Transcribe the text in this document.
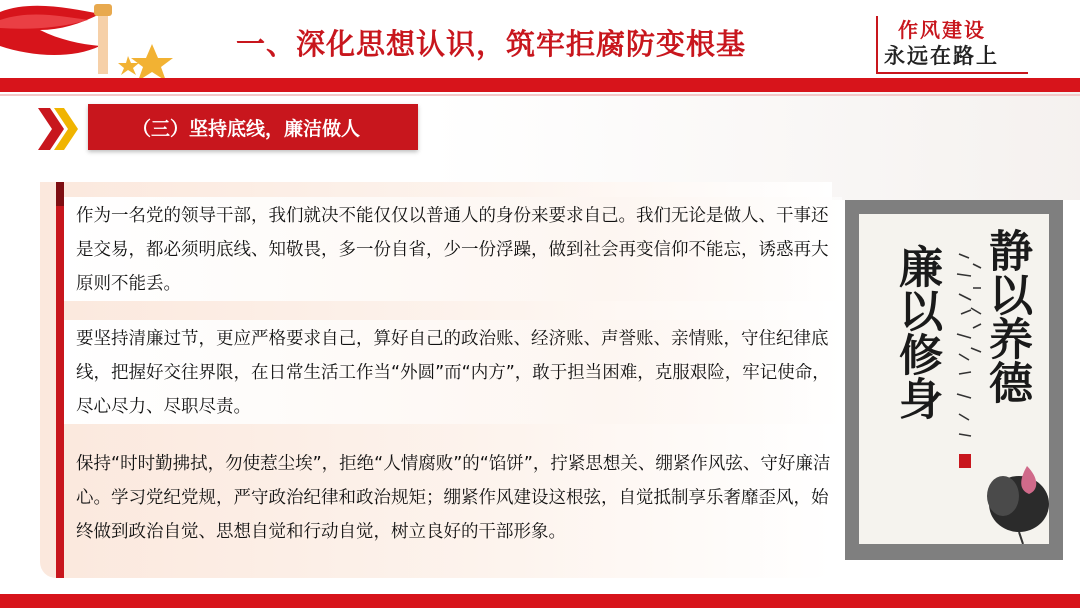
一、深化思想认识，筑牢拒腐防变根基	作风建设
永远在路上
（三）坚持底线，廉洁做人
作为一名党的领导干部，我们就决不能仅仅以普通人的身份来要求自己。我们无论是做人、干事还是交易，都必须明底线、知敬畏，多一份自省，少一份浮躁，做到社会再变信仰不能忘，诱惑再大原则不能丢。
要坚持清廉过节，更应严格要求自己，算好自己的政治账、经济账、声誉账、亲情账，守住纪律底线，把握好交往界限，在日常生活工作当“外圆”而“内方”，敢于担当困难，克服艰险，牢记使命，尽心尽力、尽职尽责。
保持“时时勤拂拭，勿使惹尘埃”，拒绝“人情腐败”的“馅饼”，拧紧思想关、绷紧作风弦、守好廉洁心。学习党纪党规，严守政治纪律和政治规矩；绷紧作风建设这根弦，自觉抵制享乐奢靡歪风，始终做到政治自觉、思想自觉和行动自觉，树立良好的干部形象。
静以养德
廉以修身
